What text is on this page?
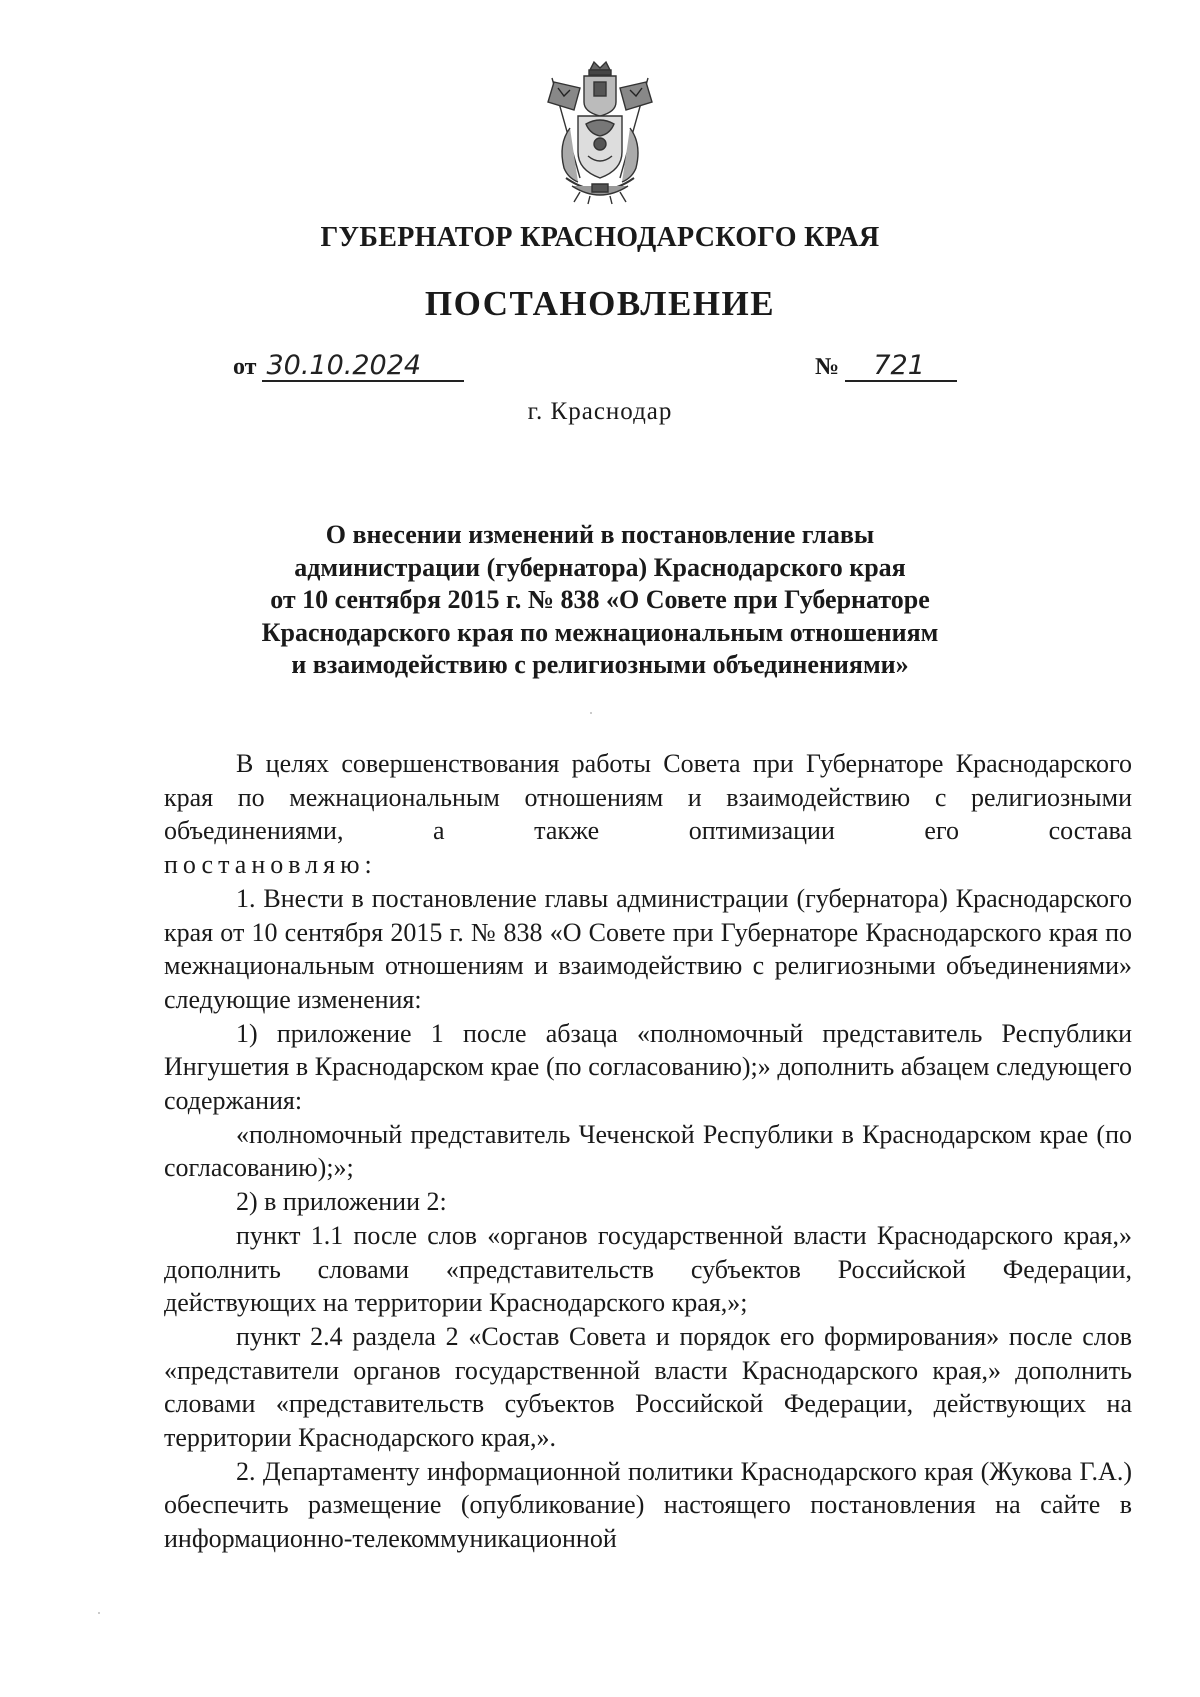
ГУБЕРНАТОР КРАСНОДАРСКОГО КРАЯ
ПОСТАНОВЛЕНИЕ
от 30.10.2024	№ 721
г. Краснодар
О внесении изменений в постановление главы
администрации (губернатора) Краснодарского края
от 10 сентября 2015 г. № 838 «О Совете при Губернаторе
Краснодарского края по межнациональным отношениям
и взаимодействию с религиозными объединениями»

В целях совершенствования работы Совета при Губернаторе Краснодарского края по межнациональным отношениям и взаимодействию с религиозными объединениями, а также оптимизации его состава

постановляю:

1. Внести в постановление главы администрации (губернатора) Краснодарского края от 10 сентября 2015 г. № 838 «О Совете при Губернаторе Краснодарского края по межнациональным отношениям и взаимодействию с религиозными объединениями» следующие изменения:

1) приложение 1 после абзаца «полномочный представитель Республики Ингушетия в Краснодарском крае (по согласованию);» дополнить абзацем следующего содержания:

«полномочный представитель Чеченской Республики в Краснодарском крае (по согласованию);»;

2) в приложении 2:

пункт 1.1 после слов «органов государственной власти Краснодарского края,» дополнить словами «представительств субъектов Российской Федерации, действующих на территории Краснодарского края,»;

пункт 2.4 раздела 2 «Состав Совета и порядок его формирования» после слов «представители органов государственной власти Краснодарского края,» дополнить словами «представительств субъектов Российской Федерации, действующих на территории Краснодарского края,».

2. Департаменту информационной политики Краснодарского края (Жукова Г.А.) обеспечить размещение (опубликование) настоящего постановления на сайте в информационно-телекоммуникационной
